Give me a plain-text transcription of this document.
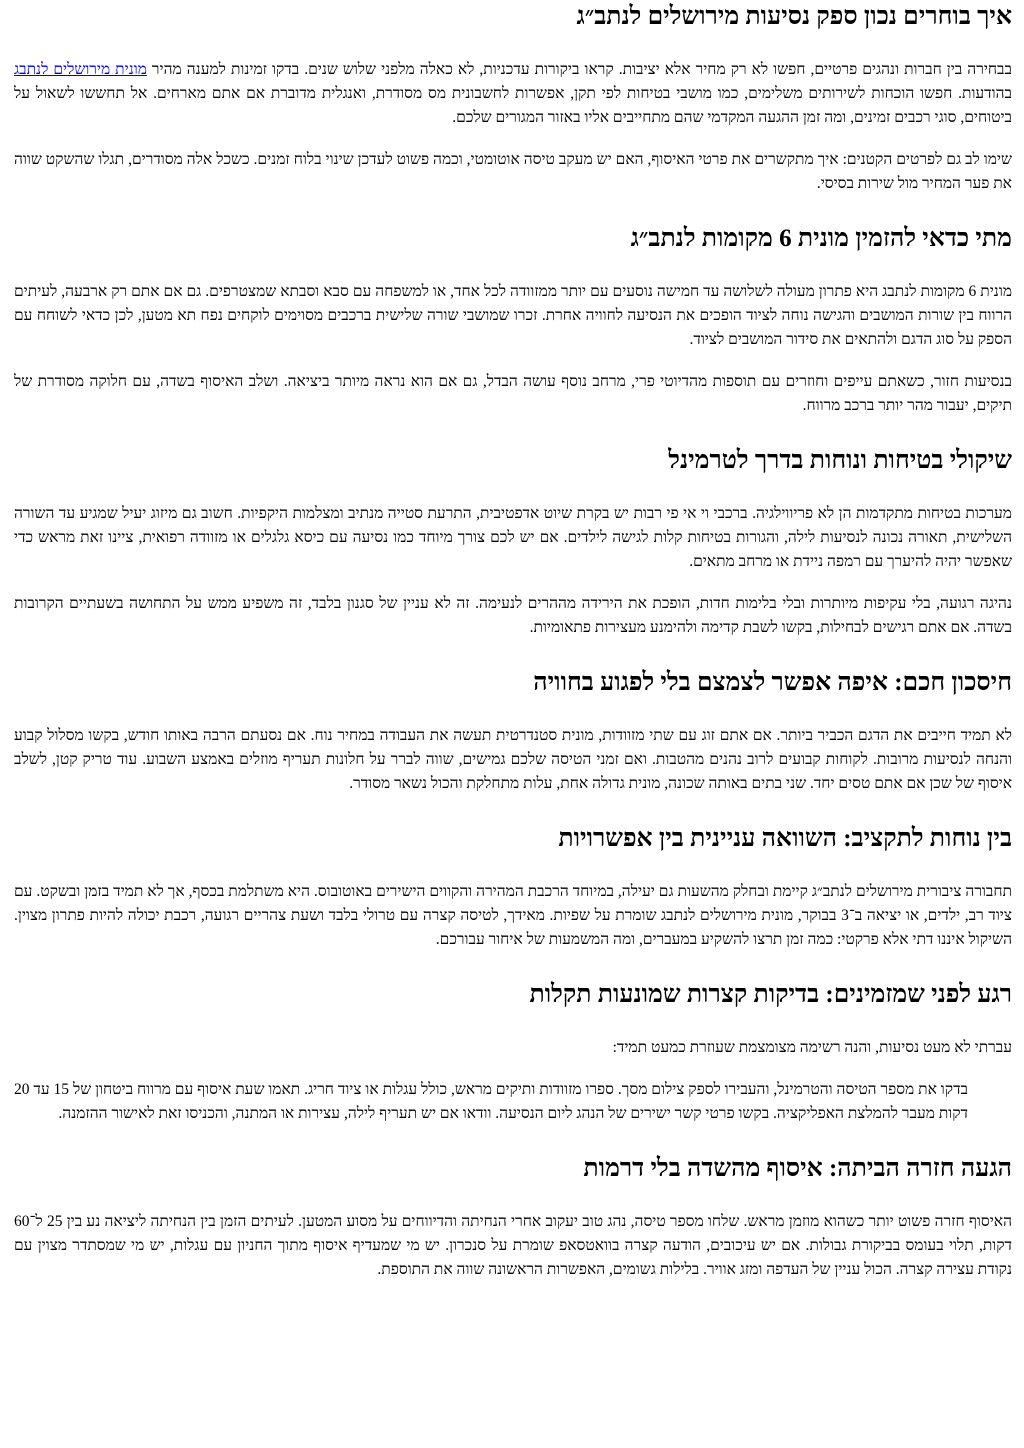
איך בוחרים נכון ספק נסיעות מירושלים לנתב״ג

בבחירה בין חברות ונהגים פרטיים, חפשו לא רק מחיר אלא יציבות. קראו ביקורות עדכניות, לא כאלה מלפני שלוש שנים. בדקו זמינות למענה מהיר מונית מירושלים לנתבג בהודעות. חפשו הוכחות לשירותים משלימים, כמו מושבי בטיחות לפי תקן, אפשרות לחשבונית מס מסודרת, ואנגלית מדוברת אם אתם מארחים. אל תחששו לשאול על ביטוחים, סוגי רכבים זמינים, ומה זמן ההגעה המקדמי שהם מתחייבים אליו באזור המגורים שלכם.

שימו לב גם לפרטים הקטנים: איך מתקשרים את פרטי האיסוף, האם יש מעקב טיסה אוטומטי, וכמה פשוט לעדכן שינוי בלוח זמנים. כשכל אלה מסודרים, תגלו שהשקט שווה את פער המחיר מול שירות בסיסי.

מתי כדאי להזמין מונית 6 מקומות לנתב״ג

מונית 6 מקומות לנתבג היא פתרון מעולה לשלושה עד חמישה נוסעים עם יותר ממזוודה לכל אחד, או למשפחה עם סבא וסבתא שמצטרפים. גם אם אתם רק ארבעה, לעיתים הרווח בין שורות המושבים והגישה נוחה לציוד הופכים את הנסיעה לחוויה אחרת. זכרו שמושבי שורה שלישית ברכבים מסוימים לוקחים נפח תא מטען, לכן כדאי לשוחח עם הספק על סוג הדגם ולהתאים את סידור המושבים לציוד.

בנסיעות חזור, כשאתם עייפים וחוזרים עם תוספות מהדיוטי פרי, מרחב נוסף עושה הבדל, גם אם הוא נראה מיותר ביציאה. ושלב האיסוף בשדה, עם חלוקה מסודרת של תיקים, יעבור מהר יותר ברכב מרווח.

שיקולי בטיחות ונוחות בדרך לטרמינל

מערכות בטיחות מתקדמות הן לא פריווילגיה. ברכבי וי אי פי רבות יש בקרת שיוט אדפטיבית, התרעת סטייה מנתיב ומצלמות היקפיות. חשוב גם מיזוג יעיל שמגיע עד השורה השלישית, תאורה נכונה לנסיעות לילה, והגורות בטיחות קלות לגישה לילדים. אם יש לכם צורך מיוחד כמו נסיעה עם כיסא גלגלים או מזוודה רפואית, ציינו זאת מראש כדי שאפשר יהיה להיערך עם רמפה ניידת או מרחב מתאים.

נהיגה רגועה, בלי עקיפות מיותרות ובלי בלימות חדות, הופכת את הירידה מההרים לנעימה. זה לא עניין של סגנון בלבד, זה משפיע ממש על התחושה בשעתיים הקרובות בשדה. אם אתם רגישים לבחילות, בקשו לשבת קדימה ולהימנע מעצירות פתאומיות.

חיסכון חכם: איפה אפשר לצמצם בלי לפגוע בחוויה

לא תמיד חייבים את הדגם הכביר ביותר. אם אתם זוג עם שתי מזוודות, מונית סטנדרטית תעשה את העבודה במחיר נוח. אם נסעתם הרבה באותו חודש, בקשו מסלול קבוע והנחה לנסיעות מרובות. לקוחות קבועים לרוב נהנים מהטבות. ואם זמני הטיסה שלכם גמישים, שווה לברר על חלונות תעריף מוזלים באמצע השבוע. עוד טריק קטן, לשלב איסוף של שכן אם אתם טסים יחד. שני בתים באותה שכונה, מונית גדולה אחת, עלות מתחלקת והכול נשאר מסודר.

בין נוחות לתקציב: השוואה עניינית בין אפשרויות

תחבורה ציבורית מירושלים לנתב״ג קיימת ובחלק מהשעות גם יעילה, במיוחד הרכבת המהירה והקווים הישירים באוטובוס. היא משתלמת בכסף, אך לא תמיד בזמן ובשקט. עם ציוד רב, ילדים, או יציאה ב־3 בבוקר, מונית מירושלים לנתבג שומרת על שפיות. מאידך, לטיסה קצרה עם טרולי בלבד ושעת צהריים רגועה, רכבת יכולה להיות פתרון מצוין. השיקול איננו דתי אלא פרקטי: כמה זמן תרצו להשקיע במעברים, ומה המשמעות של איחור עבורכם.

רגע לפני שמזמינים: בדיקות קצרות שמונעות תקלות

עברתי לא מעט נסיעות, והנה רשימה מצומצמת שעוזרת כמעט תמיד:

בדקו את מספר הטיסה והטרמינל, והעבירו לספק צילום מסך. ספרו מזוודות ותיקים מראש, כולל עגלות או ציוד חריג. תאמו שעת איסוף עם מרווח ביטחון של 15 עד 20 דקות מעבר להמלצת האפליקציה. בקשו פרטי קשר ישירים של הנהג ליום הנסיעה. וודאו אם יש תעריף לילה, עצירות או המתנה, והכניסו זאת לאישור ההזמנה.

הגעה חזרה הביתה: איסוף מהשדה בלי דרמות

האיסוף חזרה פשוט יותר כשהוא מוזמן מראש. שלחו מספר טיסה, נהג טוב יעקוב אחרי הנחיתה והדיווחים על מסוע המטען. לעיתים הזמן בין הנחיתה ליציאה נע בין 25 ל־60 דקות, תלוי בעומס בביקורת גבולות. אם יש עיכובים, הודעה קצרה בוואטסאפ שומרת על סנכרון. יש מי שמעדיף איסוף מתוך החניון עם עגלות, יש מי שמסתדר מצוין עם נקודת עצירה קצרה. הכול עניין של העדפה ומזג אוויר. בלילות גשומים, האפשרות הראשונה שווה את התוספת.
